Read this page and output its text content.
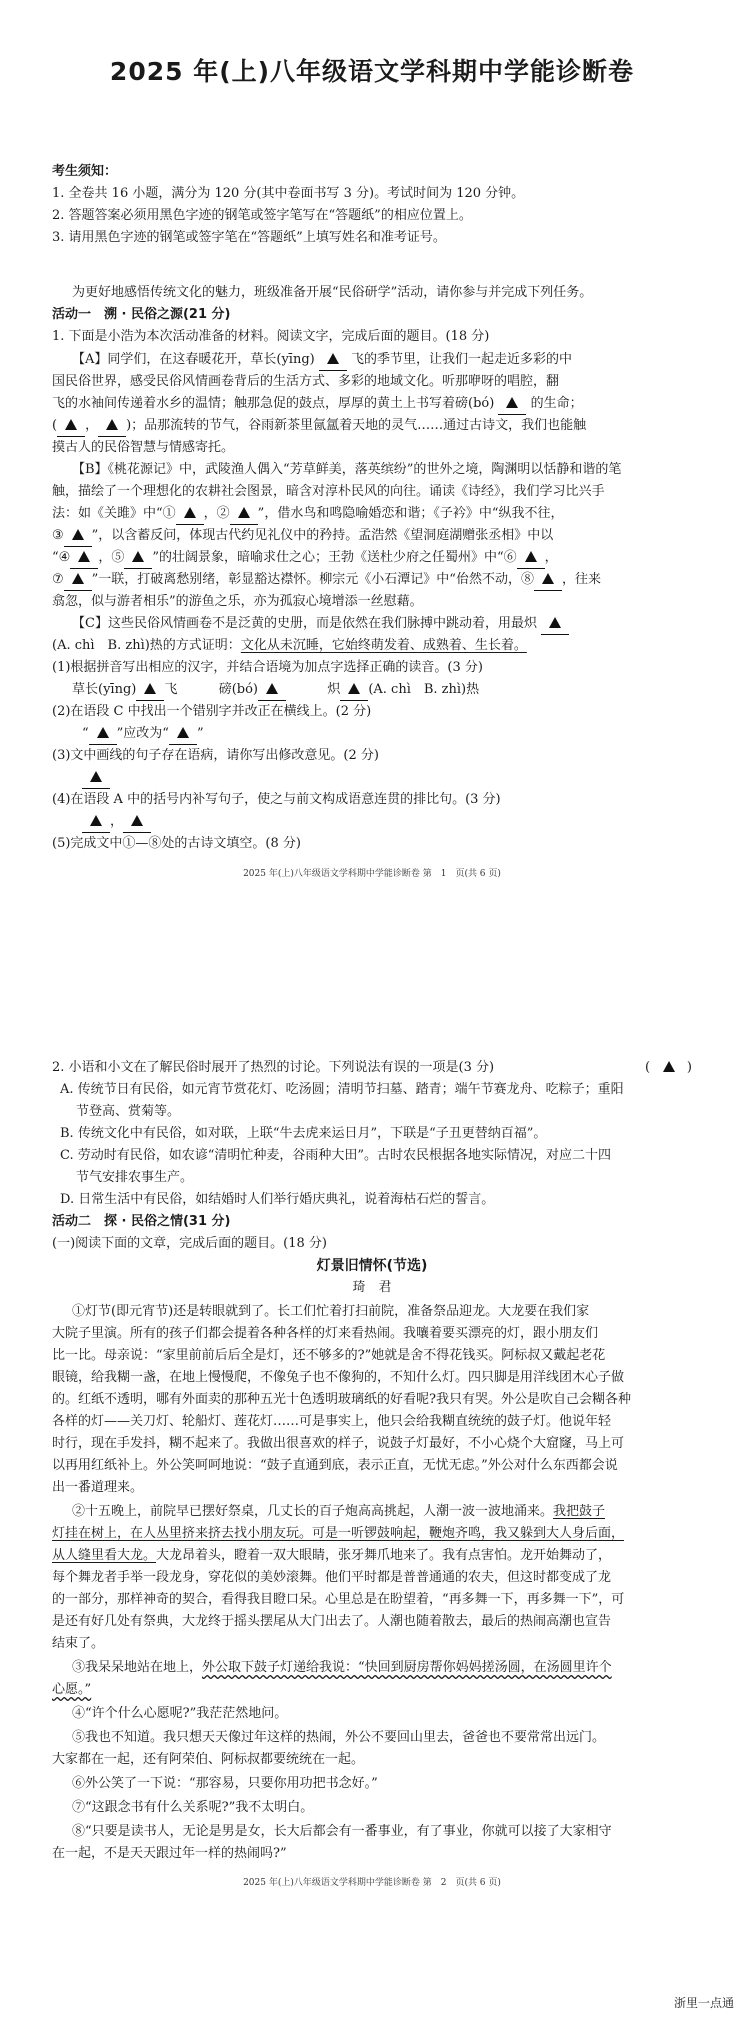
2025 年(上)八年级语文学科期中学能诊断卷
考生须知：
1. 全卷共 16 小题，满分为 120 分(其中卷面书写 3 分)。考试时间为 120 分钟。
2. 答题答案必须用黑色字迹的钢笔或签字笔写在“答题纸”的相应位置上。
3. 请用黑色字迹的钢笔或签字笔在“答题纸”上填写姓名和准考证号。
为更好地感悟传统文化的魅力，班级准备开展“民俗研学”活动，请你参与并完成下列任务。
活动一　溯 · 民俗之源(21 分)
1. 下面是小浩为本次活动准备的材料。阅读文字，完成后面的题目。(18 分)
【A】同学们，在这春暖花开，草长(yīng)	飞的季节里，让我们一起走近多彩的中
国民俗世界，感受民俗风情画卷背后的生活方式、多彩的地域文化。听那咿呀的唱腔，翻
飞的水袖间传递着水乡的温情；触那急促的鼓点，厚厚的黄土上书写着磅(bó)	的生命；
( ， )；品那流转的节气，谷雨新茶里氤氲着天地的灵气……通过古诗文，我们也能触
摸古人的民俗智慧与情感寄托。
【B】《桃花源记》中，武陵渔人偶入“芳草鲜美，落英缤纷”的世外之境，陶渊明以恬静和谐的笔
触，描绘了一个理想化的农耕社会图景，暗含对淳朴民风的向往。诵读《诗经》，我们学习比兴手
法：如《关雎》中“① ，② ”，借水鸟和鸣隐喻婚恋和谐；《子衿》中“纵我不往，
③ ”，以含蓄反问，体现古代约见礼仪中的矜持。孟浩然《望洞庭湖赠张丞相》中以
“④ ，⑤ ”的壮阔景象，暗喻求仕之心；王勃《送杜少府之任蜀州》中“⑥ ，
⑦ ”一联，打破离愁别绪，彰显豁达襟怀。柳宗元《小石潭记》中“佁然不动，⑧ ，往来
翕忽，似与游者相乐”的游鱼之乐，亦为孤寂心境增添一丝慰藉。
【C】这些民俗风情画卷不是泛黄的史册，而是依然在我们脉搏中跳动着，用最炽
(A. chì　B. zhì)热的方式证明：文化从未沉睡，它始终萌发着、成熟着、生长着。
(1)根据拼音写出相应的汉字，并结合语境为加点字选择正确的读音。(3 分)
草长(yīng) 飞	磅(bó)	炽 (A. chì　B. zhì)热
(2)在语段 C 中找出一个错别字并改正在横线上。(2 分)
“ ”应改为“ ”
(3)文中画线的句子存在语病，请你写出修改意见。(2 分)
(4)在语段 A 中的括号内补写句子，使之与前文构成语意连贯的排比句。(3 分)
，
(5)完成文中①—⑧处的古诗文填空。(8 分)
2025 年(上)八年级语文学科期中学能诊断卷 第　1　页(共 6 页)
2. 小语和小文在了解民俗时展开了热烈的讨论。下列说法有误的一项是(3 分)	(	)
A. 传统节日有民俗，如元宵节赏花灯、吃汤圆；清明节扫墓、踏青；端午节赛龙舟、吃粽子；重阳
节登高、赏菊等。
B. 传统文化中有民俗，如对联，上联“牛去虎来运日月”，下联是“子丑更替纳百福”。
C. 劳动时有民俗，如农谚“清明忙种麦，谷雨种大田”。古时农民根据各地实际情况，对应二十四
节气安排农事生产。
D. 日常生活中有民俗，如结婚时人们举行婚庆典礼，说着海枯石烂的誓言。
活动二　探 · 民俗之情(31 分)
(一)阅读下面的文章，完成后面的题目。(18 分)
灯景旧情怀(节选)
琦　君
①灯节(即元宵节)还是转眼就到了。长工们忙着打扫前院，准备祭品迎龙。大龙要在我们家
大院子里演。所有的孩子们都会提着各种各样的灯来看热闹。我嚷着要买漂亮的灯，跟小朋友们
比一比。母亲说：“家里前前后后全是灯，还不够多的?”她就是舍不得花钱买。阿标叔又戴起老花
眼镜，给我糊一盏，在地上慢慢爬，不像兔子也不像狗的，不知什么灯。四只脚是用洋线团木心子做
的。红纸不透明，哪有外面卖的那种五光十色透明玻璃纸的好看呢?我只有哭。外公是吹自己会糊各种
各样的灯——关刀灯、轮船灯、莲花灯……可是事实上，他只会给我糊直统统的鼓子灯。他说年轻
时行，现在手发抖，糊不起来了。我做出很喜欢的样子，说鼓子灯最好，不小心烧个大窟窿，马上可
以再用红纸补上。外公笑呵呵地说：“鼓子直通到底，表示正直，无忧无虑。”外公对什么东西都会说
出一番道理来。
②十五晚上，前院早已摆好祭桌，几丈长的百子炮高高挑起，人潮一波一波地涌来。我把鼓子
灯挂在树上，在人丛里挤来挤去找小朋友玩。可是一听锣鼓响起，鞭炮齐鸣，我又躲到大人身后面，
从人缝里看大龙。大龙昂着头，瞪着一双大眼睛，张牙舞爪地来了。我有点害怕。龙开始舞动了，
每个舞龙者手举一段龙身，穿花似的美妙滚舞。他们平时都是普普通通的农夫，但这时都变成了龙
的一部分，那样神奇的契合，看得我目瞪口呆。心里总是在盼望着，“再多舞一下，再多舞一下”，可
是还有好几处有祭典，大龙终于摇头摆尾从大门出去了。人潮也随着散去，最后的热闹高潮也宣告
结束了。
③我呆呆地站在地上，外公取下鼓子灯递给我说：“快回到厨房帮你妈妈搓汤圆，在汤圆里许个
心愿。”
④“许个什么心愿呢?”我茫茫然地问。
⑤我也不知道。我只想天天像过年这样的热闹，外公不要回山里去，爸爸也不要常常出远门。
大家都在一起，还有阿荣伯、阿标叔都要统统在一起。
⑥外公笑了一下说：“那容易，只要你用功把书念好。”
⑦“这跟念书有什么关系呢?”我不太明白。
⑧“只要是读书人，无论是男是女，长大后都会有一番事业，有了事业，你就可以接了大家相守
在一起，不是天天跟过年一样的热闹吗?”
2025 年(上)八年级语文学科期中学能诊断卷 第　2　页(共 6 页)
浙里一点通
